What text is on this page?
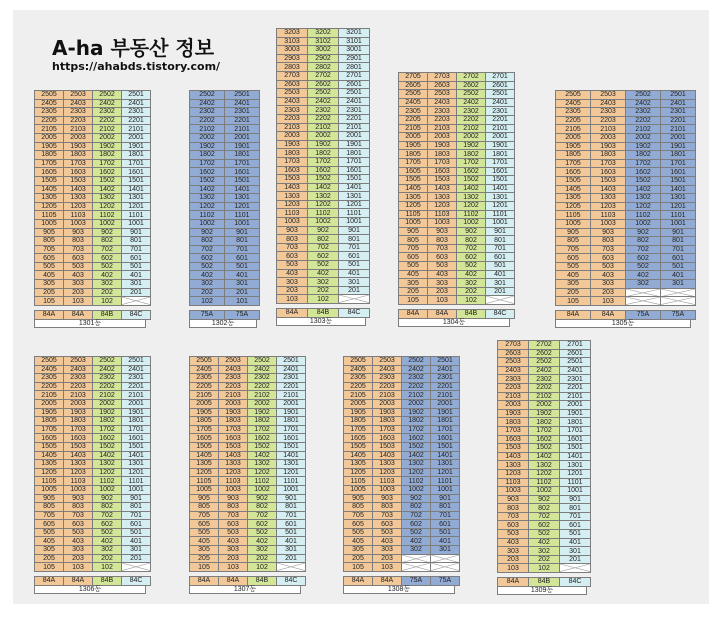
A-ha 부동산 정보
https://ahabds.tistory.com/
2505	2503	2502	2501
2405	2403	2402	2401
2305	2303	2302	2301
2205	2203	2202	2201
2105	2103	2102	2101
2005	2003	2002	2001
1905	1903	1902	1901
1805	1803	1802	1801
1705	1703	1702	1701
1605	1603	1602	1601
1505	1503	1502	1501
1405	1403	1402	1401
1305	1303	1302	1301
1205	1203	1202	1201
1105	1103	1102	1101
1005	1003	1002	1001
905	903	902	901
805	803	802	801
705	703	702	701
605	603	602	601
505	503	502	501
405	403	402	401
305	303	302	301
205	203	202	201
105	103	102	
84A	84A	84B	84C
1301동
2502	2501
2402	2401
2302	2301
2202	2201
2102	2101
2002	2001
1902	1901
1802	1801
1702	1701
1602	1601
1502	1501
1402	1401
1302	1301
1202	1201
1102	1101
1002	1001
902	901
802	801
702	701
602	601
502	501
402	401
302	301
202	201
102	101
75A	75A
1302동
3203	3202	3201
3103	3102	3101
3003	3002	3001
2903	2902	2901
2803	2802	2801
2703	2702	2701
2603	2602	2601
2503	2502	2501
2403	2402	2401
2303	2302	2301
2203	2202	2201
2103	2102	2101
2003	2002	2001
1903	1902	1901
1803	1802	1801
1703	1702	1701
1603	1602	1601
1503	1502	1501
1403	1402	1401
1303	1302	1301
1203	1202	1201
1103	1102	1101
1003	1002	1001
903	902	901
803	802	801
703	702	701
603	602	601
503	502	501
403	402	401
303	302	301
203	202	201
103	102	
84A	84B	84C
1303동
2705	2703	2702	2701
2605	2603	2602	2601
2505	2503	2502	2501
2405	2403	2402	2401
2305	2303	2302	2301
2205	2203	2202	2201
2105	2103	2102	2101
2005	2003	2002	2001
1905	1903	1902	1901
1805	1803	1802	1801
1705	1703	1702	1701
1605	1603	1602	1601
1505	1503	1502	1501
1405	1403	1402	1401
1305	1303	1302	1301
1205	1203	1202	1201
1105	1103	1102	1101
1005	1003	1002	1001
905	903	902	901
805	803	802	801
705	703	702	701
605	603	602	601
505	503	502	501
405	403	402	401
305	303	302	301
205	203	202	201
105	103	102	
84A	84A	84B	84C
1304동
2505	2503	2502	2501
2405	2403	2402	2401
2305	2303	2302	2301
2205	2203	2202	2201
2105	2103	2102	2101
2005	2003	2002	2001
1905	1903	1902	1901
1805	1803	1802	1801
1705	1703	1702	1701
1605	1603	1602	1601
1505	1503	1502	1501
1405	1403	1402	1401
1305	1303	1302	1301
1205	1203	1202	1201
1105	1103	1102	1101
1005	1003	1002	1001
905	903	902	901
805	803	802	801
705	703	702	701
605	603	602	601
505	503	502	501
405	403	402	401
305	303	302	301
205	203	

105	103	

84A	84A	75A	75A
1305동
2505	2503	2502	2501
2405	2403	2402	2401
2305	2303	2302	2301
2205	2203	2202	2201
2105	2103	2102	2101
2005	2003	2002	2001
1905	1903	1902	1901
1805	1803	1802	1801
1705	1703	1702	1701
1605	1603	1602	1601
1505	1503	1502	1501
1405	1403	1402	1401
1305	1303	1302	1301
1205	1203	1202	1201
1105	1103	1102	1101
1005	1003	1002	1001
905	903	902	901
805	803	802	801
705	703	702	701
605	603	602	601
505	503	502	501
405	403	402	401
305	303	302	301
205	203	202	201
105	103	102	
84A	84A	84B	84C
1306동
2505	2503	2502	2501
2405	2403	2402	2401
2305	2303	2302	2301
2205	2203	2202	2201
2105	2103	2102	2101
2005	2003	2002	2001
1905	1903	1902	1901
1805	1803	1802	1801
1705	1703	1702	1701
1605	1603	1602	1601
1505	1503	1502	1501
1405	1403	1402	1401
1305	1303	1302	1301
1205	1203	1202	1201
1105	1103	1102	1101
1005	1003	1002	1001
905	903	902	901
805	803	802	801
705	703	702	701
605	603	602	601
505	503	502	501
405	403	402	401
305	303	302	301
205	203	202	201
105	103	102	
84A	84A	84B	84C
1307동
2505	2503	2502	2501
2405	2403	2402	2401
2305	2303	2302	2301
2205	2203	2202	2201
2105	2103	2102	2101
2005	2003	2002	2001
1905	1903	1902	1901
1805	1803	1802	1801
1705	1703	1702	1701
1605	1603	1602	1601
1505	1503	1502	1501
1405	1403	1402	1401
1305	1303	1302	1301
1205	1203	1202	1201
1105	1103	1102	1101
1005	1003	1002	1001
905	903	902	901
805	803	802	801
705	703	702	701
605	603	602	601
505	503	502	501
405	403	402	401
305	303	302	301
205	203	

105	103	

84A	84A	75A	75A
1308동
2703	2702	2701
2603	2602	2601
2503	2502	2501
2403	2402	2401
2303	2302	2301
2203	2202	2201
2103	2102	2101
2003	2002	2001
1903	1902	1901
1803	1802	1801
1703	1702	1701
1603	1602	1601
1503	1502	1501
1403	1402	1401
1303	1302	1301
1203	1202	1201
1103	1102	1101
1003	1002	1001
903	902	901
803	802	801
703	702	701
603	602	601
503	502	501
403	402	401
303	302	301
203	202	201
103	102	
84A	84B	84C
1309동
